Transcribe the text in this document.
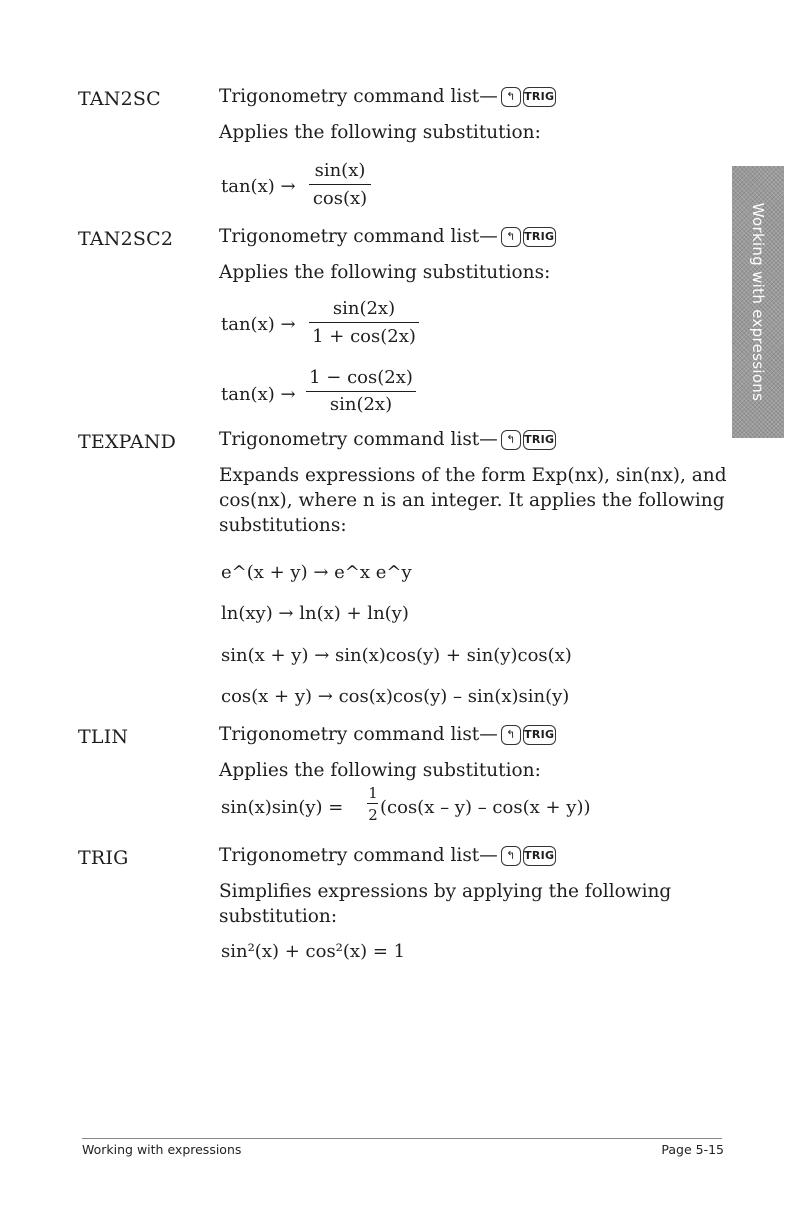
Working with expressions
TAN2SC	Trigonometry command list— ↰ TRIG
Applies the following substitution:
tan(x) →
sin(x)
cos(x)
TAN2SC2 Trigonometry command list— ↰ TRIG
Applies the following substitutions:
tan(x) →
sin(2x)
1 + cos(2x)
tan(x) →
1 − cos(2x)
sin(2x)
TEXPAND Trigonometry command list— ↰ TRIG
Expands expressions of the form Exp(nx), sin(nx), and
cos(nx), where n is an integer. It applies the following
substitutions:
e^(x + y) → e^x e^y
ln(xy) → ln(x) + ln(y)
sin(x + y) → sin(x)cos(y) + sin(y)cos(x)
cos(x + y) → cos(x)cos(y) – sin(x)sin(y)
TLIN	Trigonometry command list— ↰ TRIG
Applies the following substitution:
sin(x)sin(y) =
1
2 (cos(x – y) – cos(x + y))
TRIG	Trigonometry command list— ↰ TRIG
Simplifies expressions by applying the following
substitution:
sin²(x) + cos²(x) = 1
Working with expressions	Page 5-15
